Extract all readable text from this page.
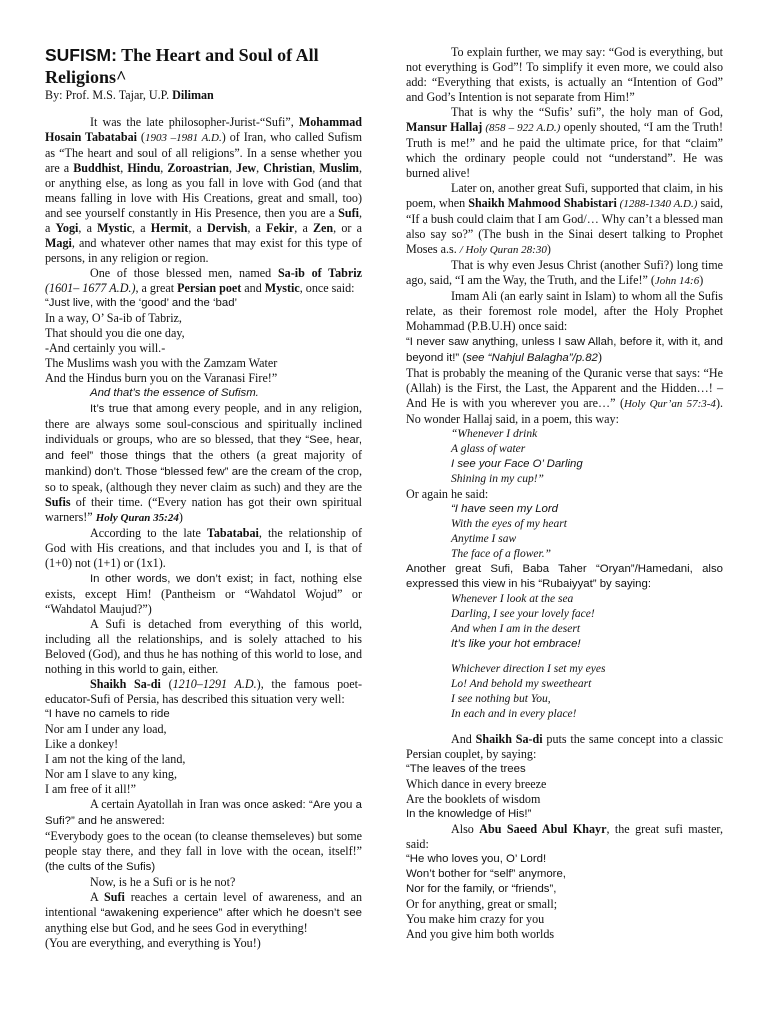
SUFISM: The Heart and Soul of All Religions^
By: Prof. M.S. Tajar, U.P. Diliman

It was the late philosopher-Jurist-“Sufi”, Mohammad Hosain Tabatabai (1903 –1981 A.D.) of Iran, who called Sufism as “The heart and soul of all religions”. In a sense whether you are a Buddhist, Hindu, Zoroastrian, Jew, Christian, Muslim, or anything else, as long as you fall in love with God (and that means falling in love with His Creations, great and small, too) and see yourself constantly in His Presence, then you are a Sufi, a Yogi, a Mystic, a Hermit, a Dervish, a Fekir, a Zen, or a Magi, and whatever other names that may exist for this type of persons, in any religion or region.

One of those blessed men, named Sa-ib of Tabriz (1601– 1677 A.D.), a great Persian poet and Mystic, once said:

“Just live, with the ‘good’ and the ‘bad’
In a way, O’ Sa-ib of Tabriz,
That should you die one day,
-And certainly you will.-
The Muslims wash you with the Zamzam Water
And the Hindus burn you on the Varanasi Fire!”
And that’s the essence of Sufism.

It’s true that among every people, and in any religion, there are always some soul-conscious and spiritually inclined individuals or groups, who are so blessed, that they “See, hear, and feel” those things that the others (a great majority of mankind) don’t. Those “blessed few” are the cream of the crop, so to speak, (although they never claim as such) and they are the Sufis of their time. (“Every nation has got their own spiritual warners!” Holy Quran 35:24)

According to the late Tabatabai, the relationship of God with His creations, and that includes you and I, is that of (1+0) not (1+1) or (1x1).

In other words, we don’t exist; in fact, nothing else exists, except Him! (Pantheism or “Wahdatol Wojud” or “Wahdatol Maujud?”)

A Sufi is detached from everything of this world, including all the relationships, and is solely attached to his Beloved (God), and thus he has nothing of this world to lose, and nothing in this world to gain, either.

Shaikh Sa-di (1210–1291 A.D.), the famous poet-educator-Sufi of Persia, has described this situation very well:

“I have no camels to ride
Nor am I under any load,
Like a donkey!
I am not the king of the land,
Nor am I slave to any king,
I am free of it all!”

A certain Ayatollah in Iran was once asked: “Are you a Sufi?” and he answered:

“Everybody goes to the ocean (to cleanse themseleves) but some people stay there, and they fall in love with the ocean, itself!” (the cults of the Sufis)

Now, is he a Sufi or is he not?

A Sufi reaches a certain level of awareness, and an intentional “awakening experience” after which he doesn’t see anything else but God, and he sees God in everything!

(You are everything, and everything is You!)

To explain further, we may say: “God is everything, but not everything is God”! To simplify it even more, we could also add: “Everything that exists, is actually an “Intention of God” and God’s Intention is not separate from Him!”

That is why the “Sufis’ sufi”, the holy man of God, Mansur Hallaj (858 – 922 A.D.) openly shouted, “I am the Truth! Truth is me!” and he paid the ultimate price, for that “claim” which the ordinary people could not “understand”. He was burned alive!

Later on, another great Sufi, supported that claim, in his poem, when Shaikh Mahmood Shabistari (1288-1340 A.D.) said, “If a bush could claim that I am God/… Why can’t a blessed man also say so?” (The bush in the Sinai desert talking to Prophet Moses a.s. / Holy Quran 28:30)

That is why even Jesus Christ (another Sufi?) long time ago, said, “I am the Way, the Truth, and the Life!” (John 14:6)

Imam Ali (an early saint in Islam) to whom all the Sufis relate, as their foremost role model, after the Holy Prophet Mohammad (P.B.U.H) once said:

“I never saw anything, unless I saw Allah, before it, with it, and beyond it!” (see “Nahjul Balagha”/p.82)

That is probably the meaning of the Quranic verse that says: “He (Allah) is the First, the Last, the Apparent and the Hidden…! – And He is with you wherever you are…” (Holy Qur’an 57:3-4). No wonder Hallaj said, in a poem, this way:

“Whenever I drink
A glass of water
I see your Face O’ Darling
Shining in my cup!”
Or again he said:
“I have seen my Lord
With the eyes of my heart
Anytime I saw
The face of a flower.”

Another great Sufi, Baba Taher “Oryan”/Hamedani, also expressed this view in his “Rubaiyyat” by saying:

Whenever I look at the sea
Darling, I see your lovely face!
And when I am in the desert
It’s like your hot embrace!
Whichever direction I set my eyes
Lo! And behold my sweetheart
I see nothing but You,
In each and in every place!

And Shaikh Sa-di puts the same concept into a classic Persian couplet, by saying:

“The leaves of the trees
Which dance in every breeze
Are the booklets of wisdom
In the knowledge of His!”

Also Abu Saeed Abul Khayr, the great sufi master, said:

“He who loves you, O’ Lord!
Won’t bother for “self” anymore,
Nor for the family, or “friends”,
Or for anything, great or small;
You make him crazy for you
And you give him both worlds
